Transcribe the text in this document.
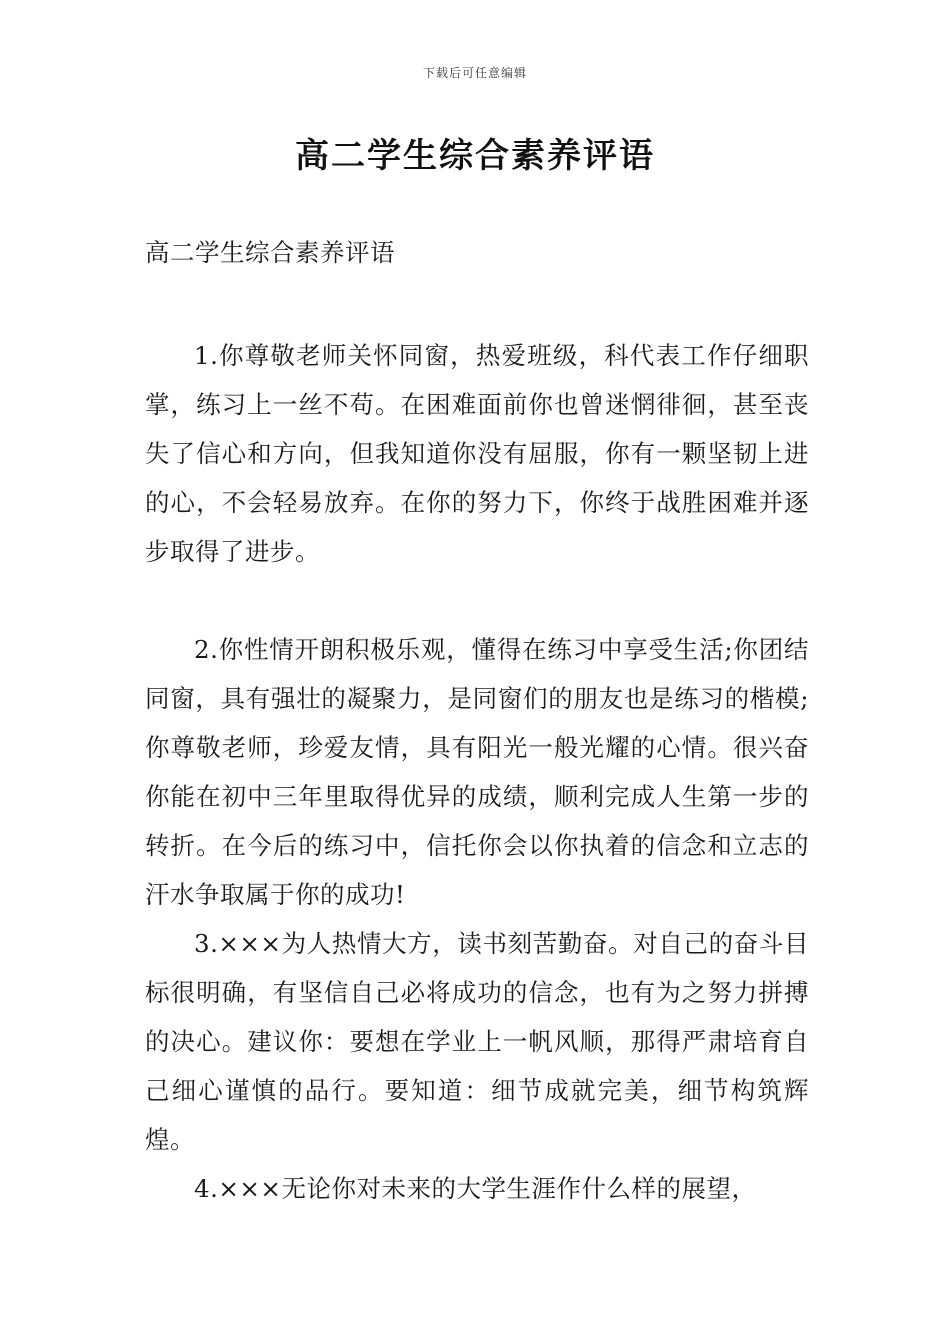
下载后可任意编辑
高二学生综合素养评语

高二学生综合素养评语

1.你尊敬老师关怀同窗，热爱班级，科代表工作仔细职掌，练习上一丝不苟。在困难面前你也曾迷惘徘徊，甚至丧失了信心和方向，但我知道你没有屈服，你有一颗坚韧上进的心，不会轻易放弃。在你的努力下，你终于战胜困难并逐步取得了进步。

2.你性情开朗积极乐观，懂得在练习中享受生活;你团结同窗，具有强壮的凝聚力，是同窗们的朋友也是练习的楷模;你尊敬老师，珍爱友情，具有阳光一般光耀的心情。很兴奋你能在初中三年里取得优异的成绩，顺利完成人生第一步的转折。在今后的练习中，信托你会以你执着的信念和立志的汗水争取属于你的成功!

3.×××为人热情大方，读书刻苦勤奋。对自己的奋斗目标很明确，有坚信自己必将成功的信念，也有为之努力拼搏的决心。建议你：要想在学业上一帆风顺，那得严肃培育自己细心谨慎的品行。要知道：细节成就完美，细节构筑辉煌。

4.×××无论你对未来的大学生涯作什么样的展望，
